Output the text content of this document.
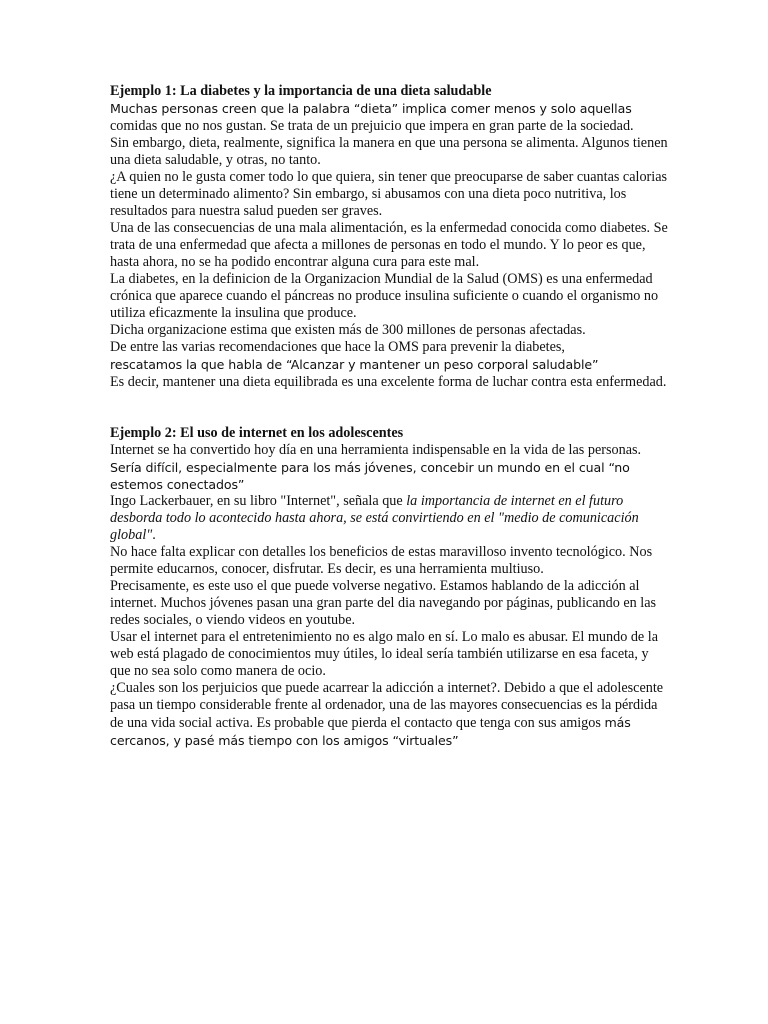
Ejemplo 1: La diabetes y la importancia de una dieta saludable

Muchas personas creen que la palabra “dieta” implica comer menos y solo aquellas comidas que no nos gustan. Se trata de un prejuicio que impera en gran parte de la sociedad.

Sin embargo, dieta, realmente, significa la manera en que una persona se alimenta. Algunos tienen una dieta saludable, y otras, no tanto.

¿A quien no le gusta comer todo lo que quiera, sin tener que preocuparse de saber cuantas calorias tiene un determinado alimento? Sin embargo, si abusamos con una dieta poco nutritiva, los resultados para nuestra salud pueden ser graves.

Una de las consecuencias de una mala alimentación, es la enfermedad conocida como diabetes. Se trata de una enfermedad que afecta a millones de personas en todo el mundo. Y lo peor es que, hasta ahora, no se ha podido encontrar alguna cura para este mal.

La diabetes, en la definicion de la Organizacion Mundial de la Salud (OMS) es una enfermedad crónica que aparece cuando el páncreas no produce insulina suficiente o cuando el organismo no utiliza eficazmente la insulina que produce.

Dicha organizacione estima que existen más de 300 millones de personas afectadas.

De entre las varias recomendaciones que hace la OMS para prevenir la diabetes,
rescatamos la que habla de “Alcanzar y mantener un peso corporal saludable”

Es decir, mantener una dieta equilibrada es una excelente forma de luchar contra esta enfermedad.

Ejemplo 2: El uso de internet en los adolescentes

Internet se ha convertido hoy día en una herramienta indispensable en la vida de las personas.

Sería difícil, especialmente para los más jóvenes, concebir un mundo en el cual “no estemos conectados”

Ingo Lackerbauer, en su libro "Internet", señala que la importancia de internet en el futuro desborda todo lo acontecido hasta ahora, se está convirtiendo en el "medio de comunicación global".

No hace falta explicar con detalles los beneficios de estas maravilloso invento tecnológico. Nos permite educarnos, conocer, disfrutar. Es decir, es una herramienta multiuso.

Precisamente, es este uso el que puede volverse negativo. Estamos hablando de la adicción al internet. Muchos jóvenes pasan una gran parte del dia navegando por páginas, publicando en las redes sociales, o viendo videos en youtube.

Usar el internet para el entretenimiento no es algo malo en sí. Lo malo es abusar. El mundo de la web está plagado de conocimientos muy útiles, lo ideal sería también utilizarse en esa faceta, y que no sea solo como manera de ocio.

¿Cuales son los perjuicios que puede acarrear la adicción a internet?. Debido a que el adolescente pasa un tiempo considerable frente al ordenador, una de las mayores consecuencias es la pérdida de una vida social activa. Es probable que pierda el contacto que tenga con sus amigos más cercanos, y pasé más tiempo con los amigos “virtuales”
